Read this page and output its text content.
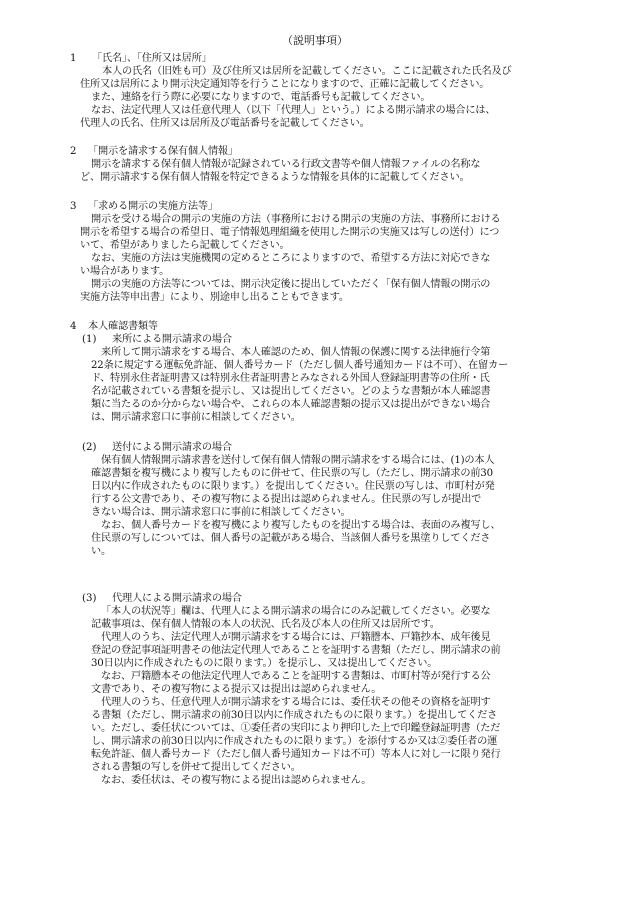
（説明事項）
1 「氏名」、「住所又は居所」
本人の氏名（旧姓も可）及び住所又は居所を記載してください。ここに記載された氏名及び
住所又は居所により開示決定通知等を行うことになりますので、正確に記載してください。
また、連絡を行う際に必要になりますので、電話番号も記載してください。
なお、法定代理人又は任意代理人（以下「代理人」という。）による開示請求の場合には、
代理人の氏名、住所又は居所及び電話番号を記載してください。
2 「開示を請求する保有個人情報」
開示を請求する保有個人情報が記録されている行政文書等や個人情報ファイルの名称な
ど、開示請求する保有個人情報を特定できるような情報を具体的に記載してください。
3 「求める開示の実施方法等」
開示を受ける場合の開示の実施の方法（事務所における開示の実施の方法、事務所における
開示を希望する場合の希望日、電子情報処理組織を使用した開示の実施又は写しの送付）につ
いて、希望がありましたら記載してください。
なお、実施の方法は実施機関の定めるところによりますので、希望する方法に対応できな
い場合があります。
開示の実施の方法等については、開示決定後に提出していただく「保有個人情報の開示の
実施方法等申出書」により、別途申し出ることもできます。
4 本人確認書類等
(1) 来所による開示請求の場合
来所して開示請求をする場合、本人確認のため、個人情報の保護に関する法律施行令第
22条に規定する運転免許証、個人番号カード（ただし個人番号通知カードは不可）、在留カー
ド、特別永住者証明書又は特別永住者証明書とみなされる外国人登録証明書等の住所・氏
名が記載されている書類を提示し、又は提出してください。どのような書類が本人確認書
類に当たるのか分からない場合や、これらの本人確認書類の提示又は提出ができない場合
は、開示請求窓口に事前に相談してください。
(2) 送付による開示請求の場合
保有個人情報開示請求書を送付して保有個人情報の開示請求をする場合には、(1)の本人
確認書類を複写機により複写したものに併せて、住民票の写し（ただし、開示請求の前30
日以内に作成されたものに限ります。）を提出してください。住民票の写しは、市町村が発
行する公文書であり、その複写物による提出は認められません。住民票の写しが提出で
きない場合は、開示請求窓口に事前に相談してください。
なお、個人番号カードを複写機により複写したものを提出する場合は、表面のみ複写し、
住民票の写しについては、個人番号の記載がある場合、当該個人番号を黒塗りしてくださ
い。
(3) 代理人による開示請求の場合
「本人の状況等」欄は、代理人による開示請求の場合にのみ記載してください。必要な
記載事項は、保有個人情報の本人の状況、氏名及び本人の住所又は居所です。
代理人のうち、法定代理人が開示請求をする場合には、戸籍謄本、戸籍抄本、成年後見
登記の登記事項証明書その他法定代理人であることを証明する書類（ただし、開示請求の前
30日以内に作成されたものに限ります。）を提示し、又は提出してください。
なお、戸籍謄本その他法定代理人であることを証明する書類は、市町村等が発行する公
文書であり、その複写物による提示又は提出は認められません。
代理人のうち、任意代理人が開示請求をする場合には、委任状その他その資格を証明す
る書類（ただし、開示請求の前30日以内に作成されたものに限ります。）を提出してくださ
い。ただし、委任状については、①委任者の実印により押印した上で印鑑登録証明書（ただ
し、開示請求の前30日以内に作成されたものに限ります。）を添付するか又は②委任者の運
転免許証、個人番号カード（ただし個人番号通知カードは不可）等本人に対し一に限り発行
される書類の写しを併せて提出してください。
なお、委任状は、その複写物による提出は認められません。
